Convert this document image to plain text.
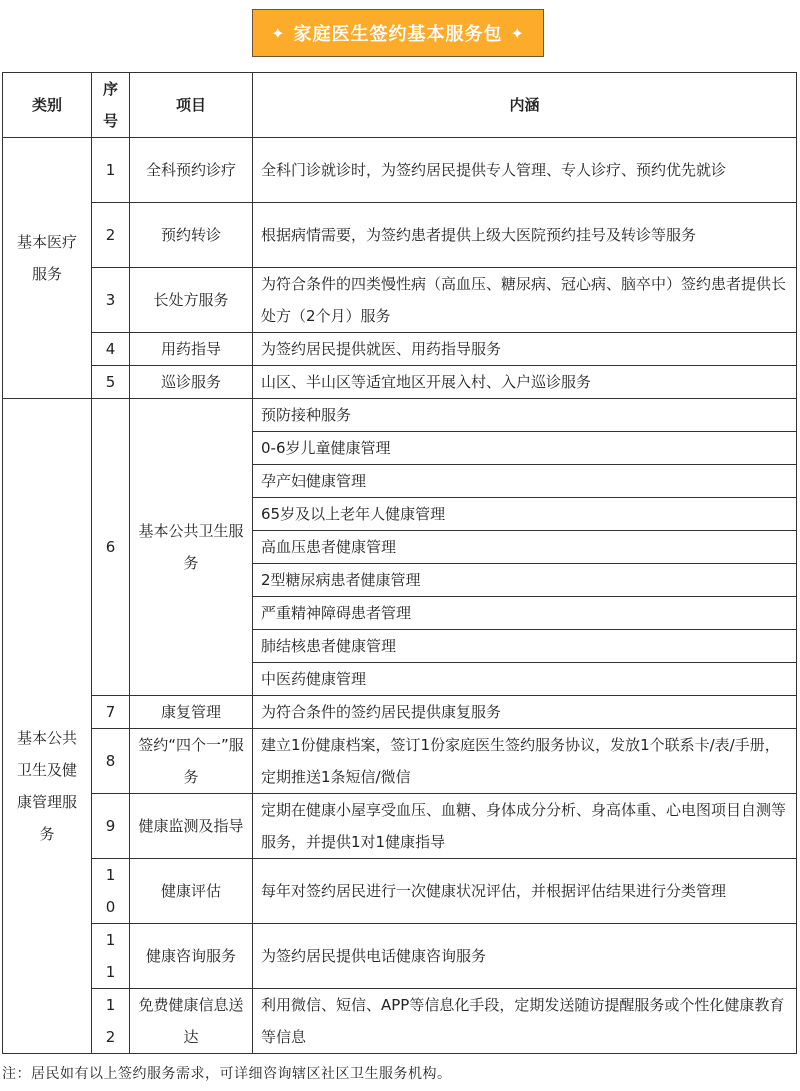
✦ 家庭医生签约基本服务包 ✦
类别	序号	项目	内涵
基本医疗服务	1	全科预约诊疗	全科门诊就诊时，为签约居民提供专人管理、专人诊疗、预约优先就诊
	2	预约转诊	根据病情需要，为签约患者提供上级大医院预约挂号及转诊等服务
	3	长处方服务	为符合条件的四类慢性病（高血压、糖尿病、冠心病、脑卒中）签约患者提供长处方（2个月）服务
	4	用药指导	为签约居民提供就医、用药指导服务
	5	巡诊服务	山区、半山区等适宜地区开展入村、入户巡诊服务
基本公共卫生及健康管理服务	6	基本公共卫生服务	预防接种服务
			0-6岁儿童健康管理
			孕产妇健康管理
			65岁及以上老年人健康管理
			高血压患者健康管理
			2型糖尿病患者健康管理
			严重精神障碍患者管理
			肺结核患者健康管理
			中医药健康管理
	7	康复管理	为符合条件的签约居民提供康复服务
	8	签约“四个一”服务	建立1份健康档案，签订1份家庭医生签约服务协议，发放1个联系卡/表/手册，定期推送1条短信/微信
	9	健康监测及指导	定期在健康小屋享受血压、血糖、身体成分分析、身高体重、心电图项目自测等服务，并提供1对1健康指导
	10	健康评估	每年对签约居民进行一次健康状况评估，并根据评估结果进行分类管理
	11	健康咨询服务	为签约居民提供电话健康咨询服务
	12	免费健康信息送达	利用微信、短信、APP等信息化手段，定期发送随访提醒服务或个性化健康教育等信息
注：居民如有以上签约服务需求，可详细咨询辖区社区卫生服务机构。
